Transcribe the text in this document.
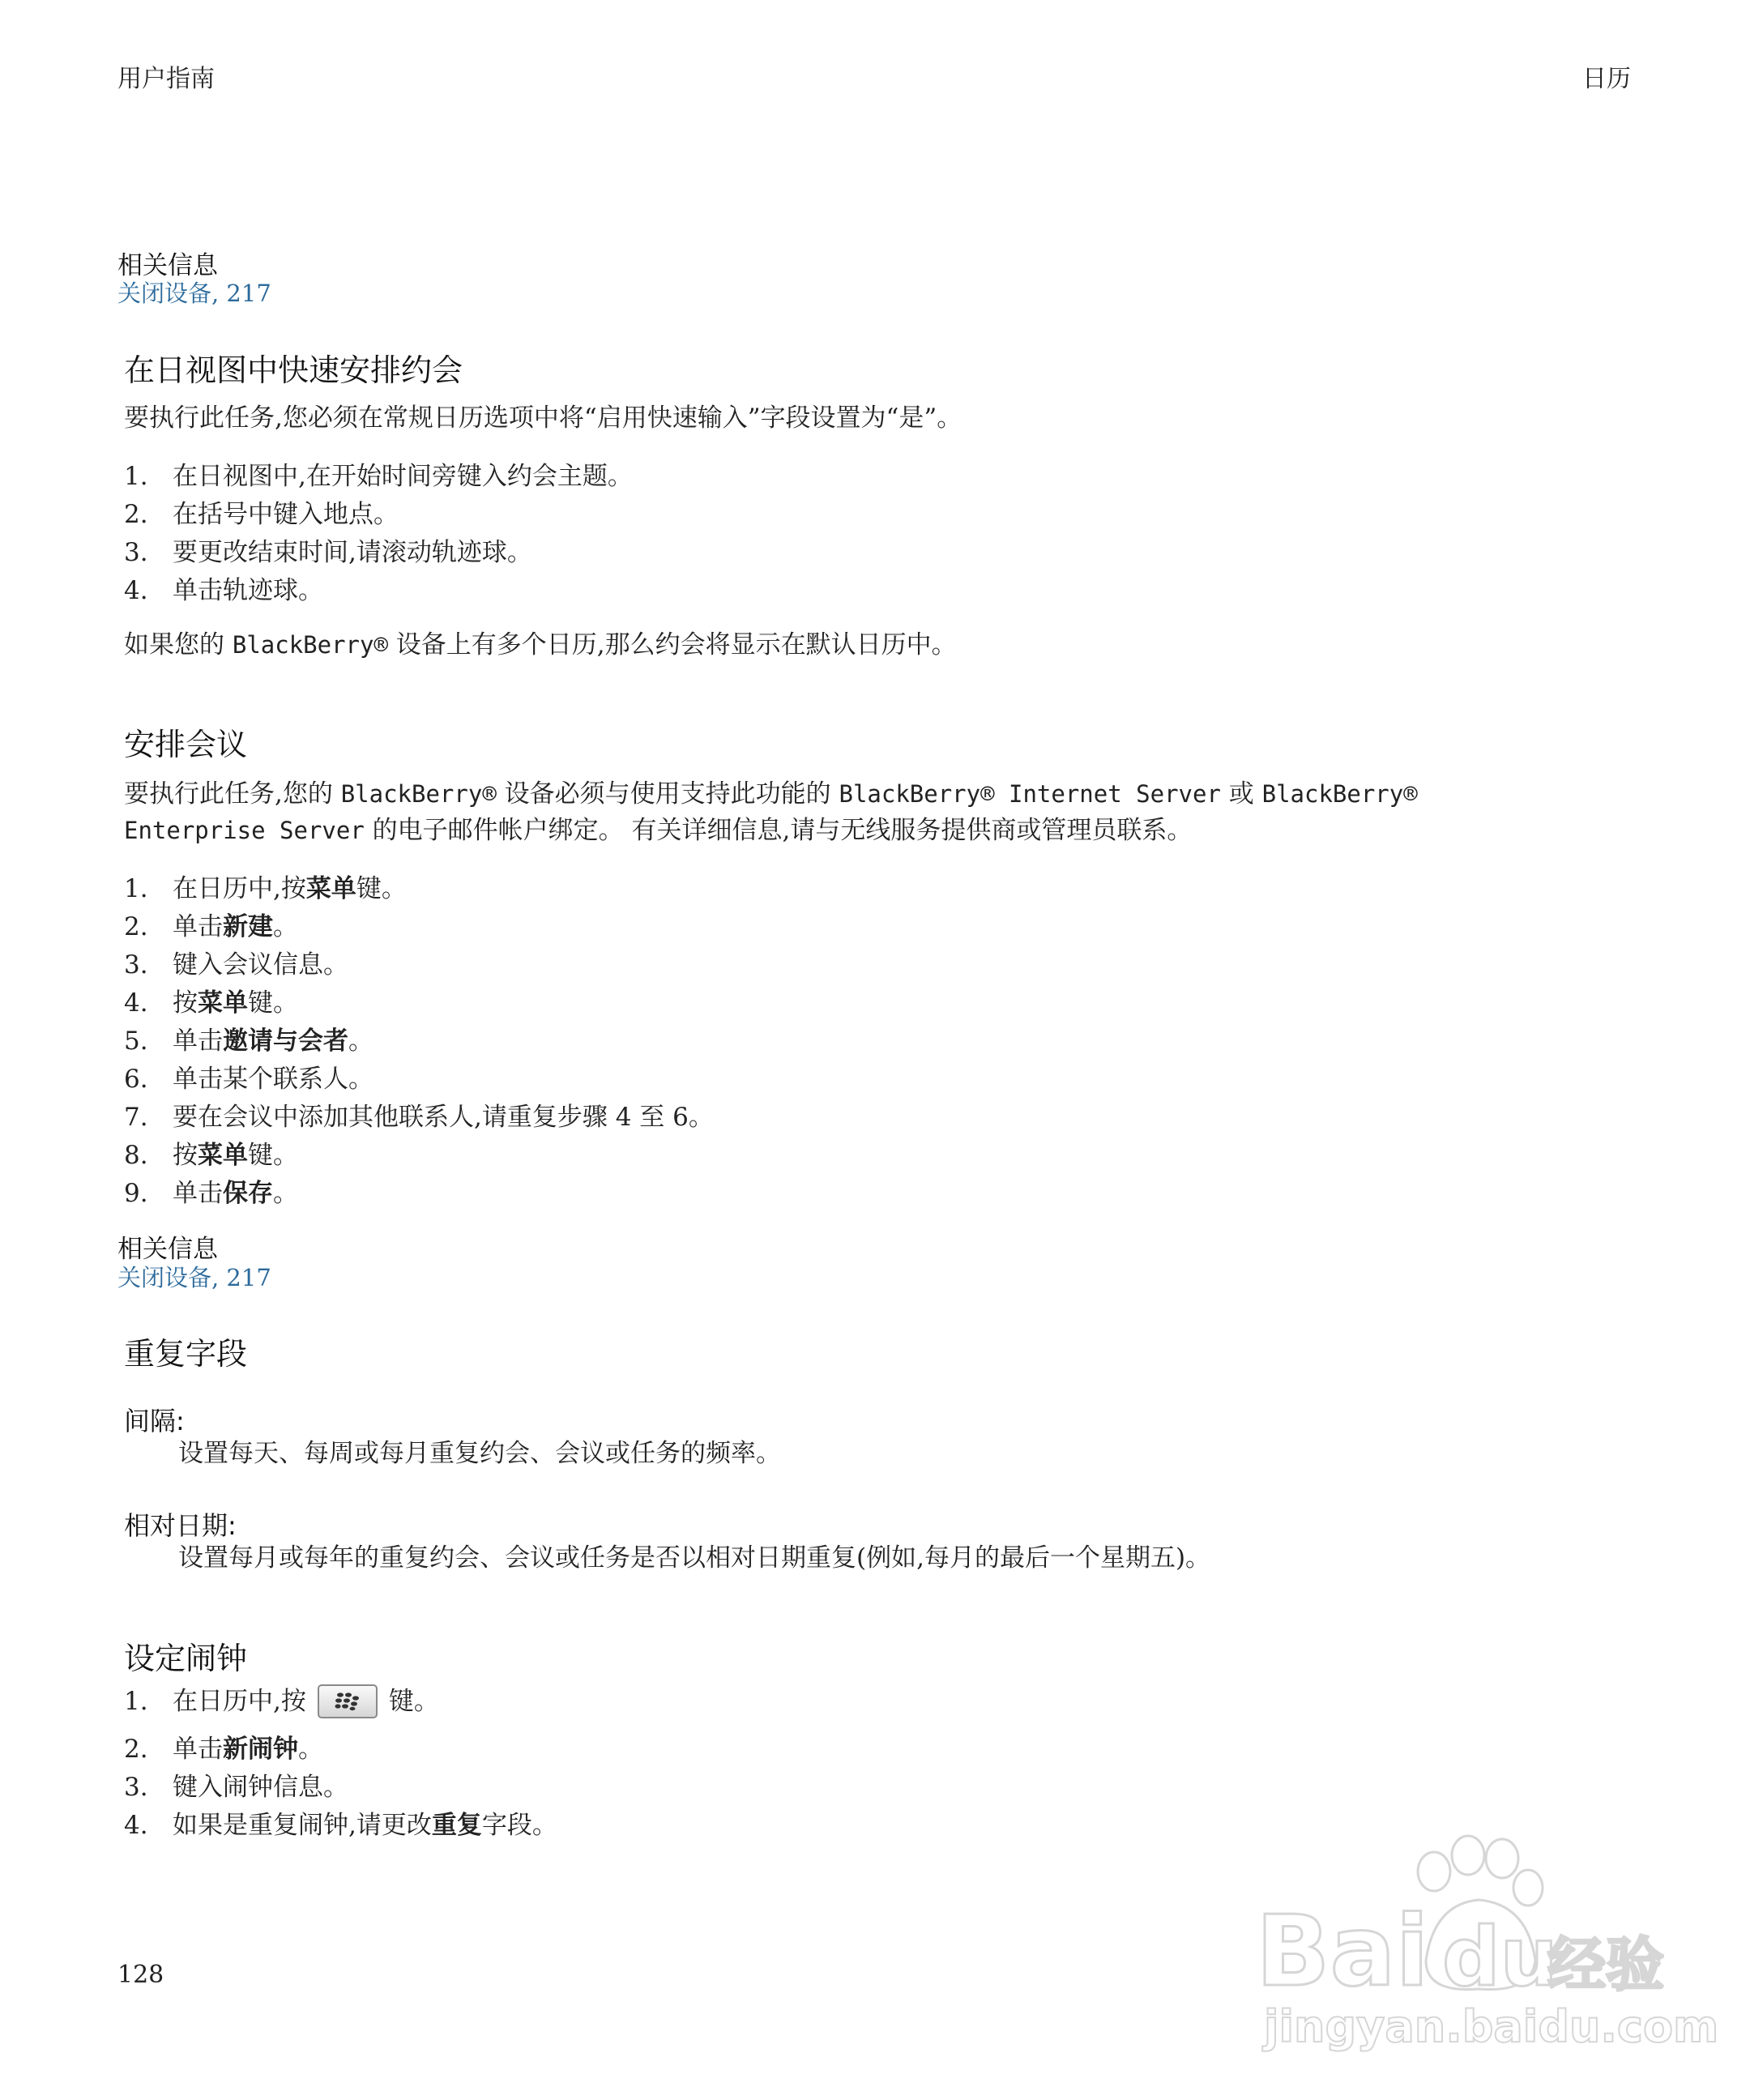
用户指南	日历
相关信息
关闭设备, 217
在日视图中快速安排约会
要执行此任务,您必须在常规日历选项中将“启用快速输入”字段设置为“是”。
1. 在日视图中,在开始时间旁键入约会主题。
2. 在括号中键入地点。
3. 要更改结束时间,请滚动轨迹球。
4. 单击轨迹球。
如果您的 BlackBerry® 设备上有多个日历,那么约会将显示在默认日历中。
安排会议
要执行此任务,您的 BlackBerry® 设备必须与使用支持此功能的 BlackBerry® Internet Server 或 BlackBerry®
Enterprise Server 的电子邮件帐户绑定。 有关详细信息,请与无线服务提供商或管理员联系。
1. 在日历中,按菜单键。
2. 单击新建。
3. 键入会议信息。
4. 按菜单键。
5. 单击邀请与会者。
6. 单击某个联系人。
7. 要在会议中添加其他联系人,请重复步骤 4 至 6。
8. 按菜单键。
9. 单击保存。
相关信息
关闭设备, 217
重复字段
间隔:
设置每天、每周或每月重复约会、会议或任务的频率。
相对日期:
设置每月或每年的重复约会、会议或任务是否以相对日期重复(例如,每月的最后一个星期五)。
设定闹钟
1. 在日历中,按	键。
2. 单击新闹钟。
3. 键入闹钟信息。
4. 如果是重复闹钟,请更改重复字段。
128	Bai du
经验
jingyan.baidu.com
